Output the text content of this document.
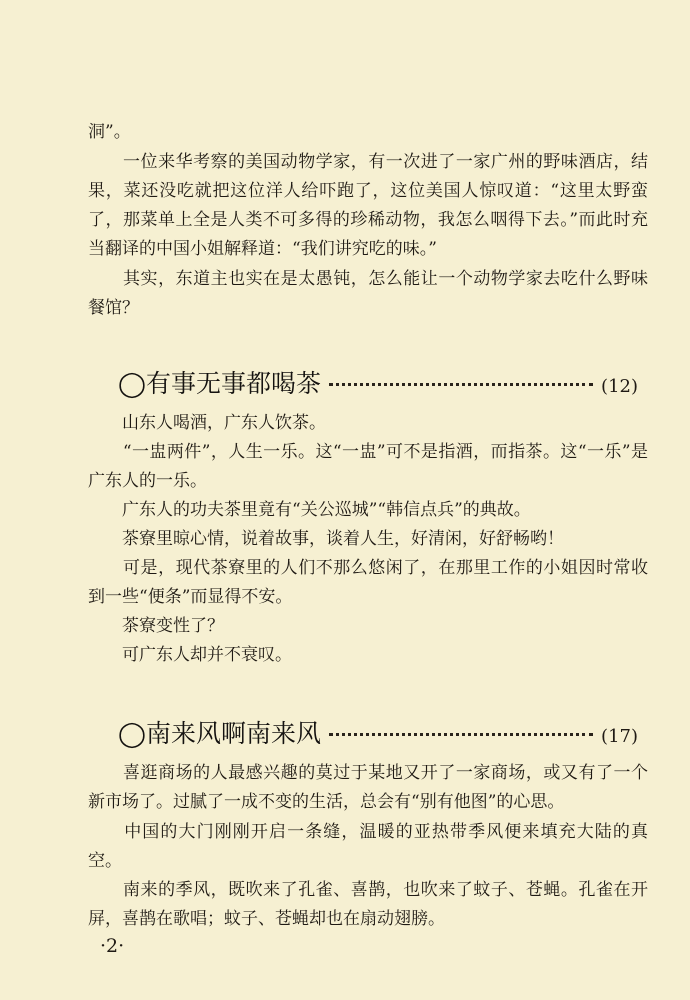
洞”。

　　一位来华考察的美国动物学家，有一次进了一家广州的野味酒店，结果，菜还没吃就把这位洋人给吓跑了，这位美国人惊叹道：“这里太野蛮了，那菜单上全是人类不可多得的珍稀动物，我怎么咽得下去。”而此时充当翻译的中国小姐解释道：“我们讲究吃的味。”

　　其实，东道主也实在是太愚钝，怎么能让一个动物学家去吃什么野味餐馆？

◯有事无事都喝茶	(12)

　　山东人喝酒，广东人饮茶。

　　“一盅两件”，人生一乐。这“一盅”可不是指酒，而指茶。这“一乐”是广东人的一乐。

　　广东人的功夫茶里竟有“关公巡城”“韩信点兵”的典故。

　　茶寮里晾心情，说着故事，谈着人生，好清闲，好舒畅哟！

　　可是，现代茶寮里的人们不那么悠闲了，在那里工作的小姐因时常收到一些“便条”而显得不安。

　　茶寮变性了？

　　可广东人却并不衰叹。

◯南来风啊南来风	(17)

　　喜逛商场的人最感兴趣的莫过于某地又开了一家商场，或又有了一个新市场了。过腻了一成不变的生活，总会有“别有他图”的心思。

　　中国的大门刚刚开启一条缝，温暖的亚热带季风便来填充大陆的真空。

　　南来的季风，既吹来了孔雀、喜鹊，也吹来了蚊子、苍蝇。孔雀在开屏，喜鹊在歌唱；蚊子、苍蝇却也在扇动翅膀。

·2·
